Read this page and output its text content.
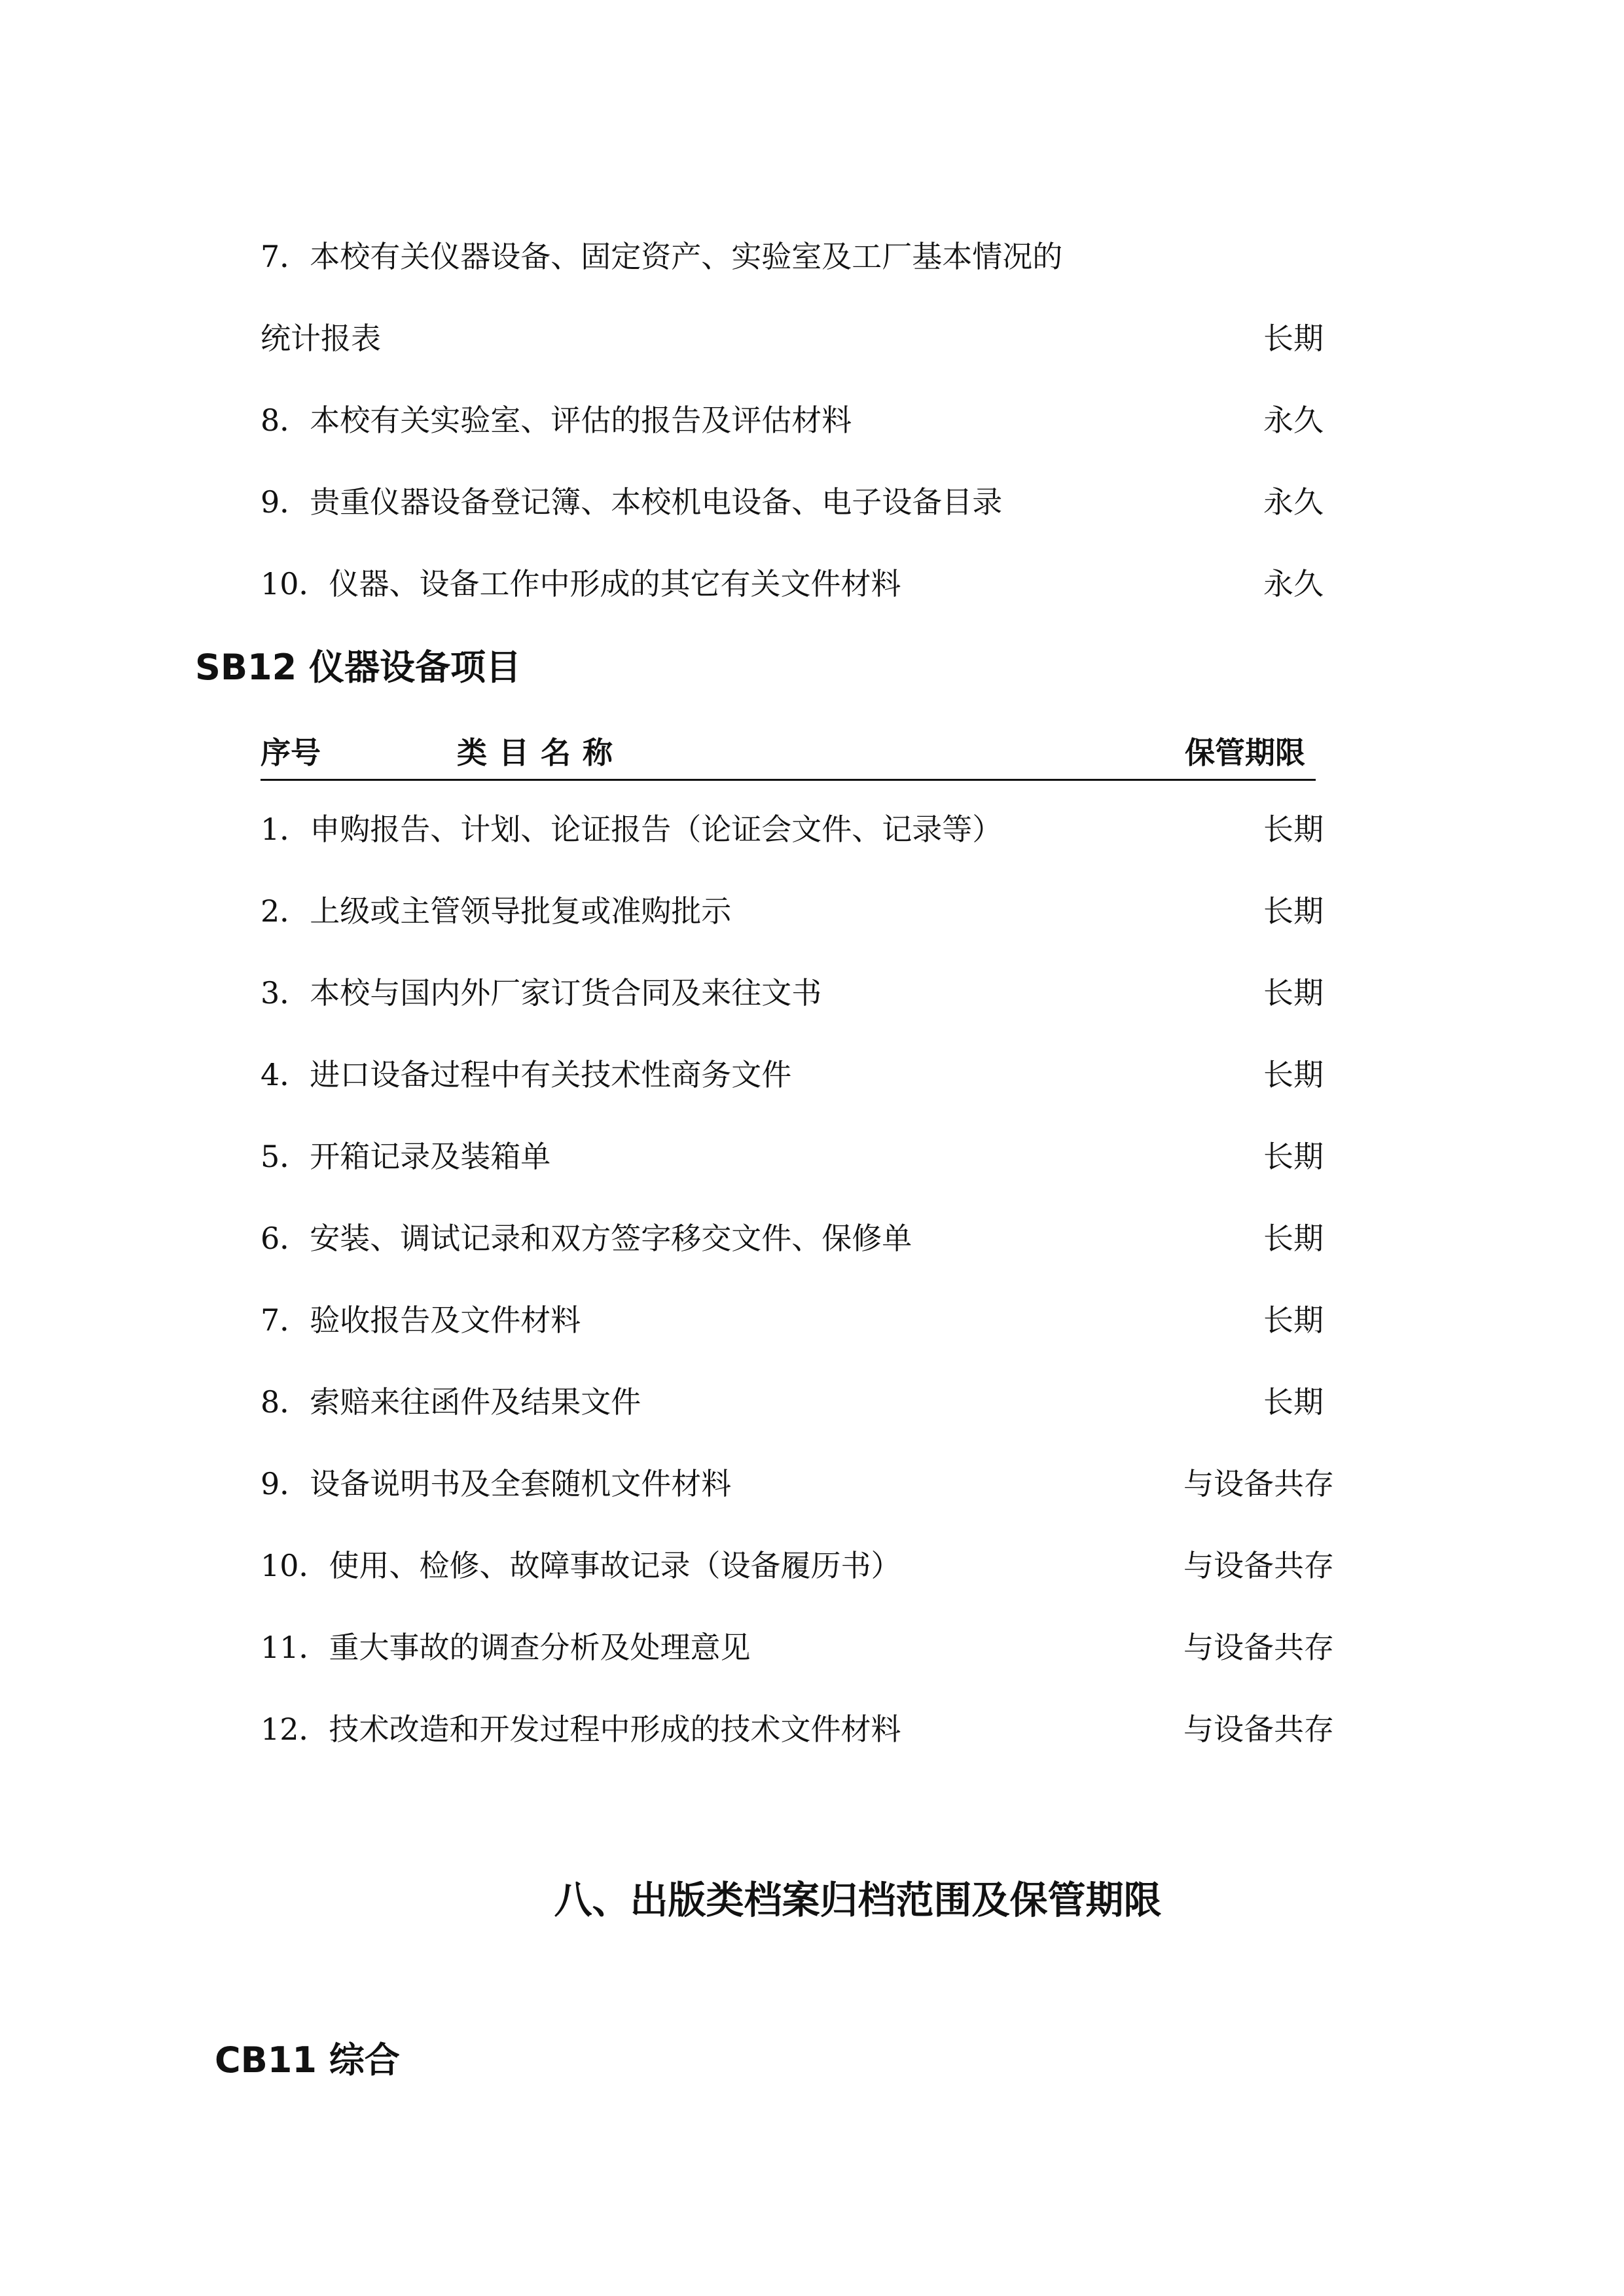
7．本校有关仪器设备、固定资产、实验室及工厂基本情况的
统计报表	长期
8．本校有关实验室、评估的报告及评估材料	永久
9．贵重仪器设备登记簿、本校机电设备、电子设备目录	永久
10．仪器、设备工作中形成的其它有关文件材料	永久
SB12 仪器设备项目
序号	类目名称	保管期限
1．申购报告、计划、论证报告（论证会文件、记录等）	长期
2．上级或主管领导批复或准购批示	长期
3．本校与国内外厂家订货合同及来往文书	长期
4．进口设备过程中有关技术性商务文件	长期
5．开箱记录及装箱单	长期
6．安装、调试记录和双方签字移交文件、保修单	长期
7．验收报告及文件材料	长期
8．索赔来往函件及结果文件	长期
9．设备说明书及全套随机文件材料	与设备共存
10．使用、检修、故障事故记录（设备履历书）	与设备共存
11．重大事故的调查分析及处理意见	与设备共存
12．技术改造和开发过程中形成的技术文件材料	与设备共存
八、出版类档案归档范围及保管期限
CB11 综合
